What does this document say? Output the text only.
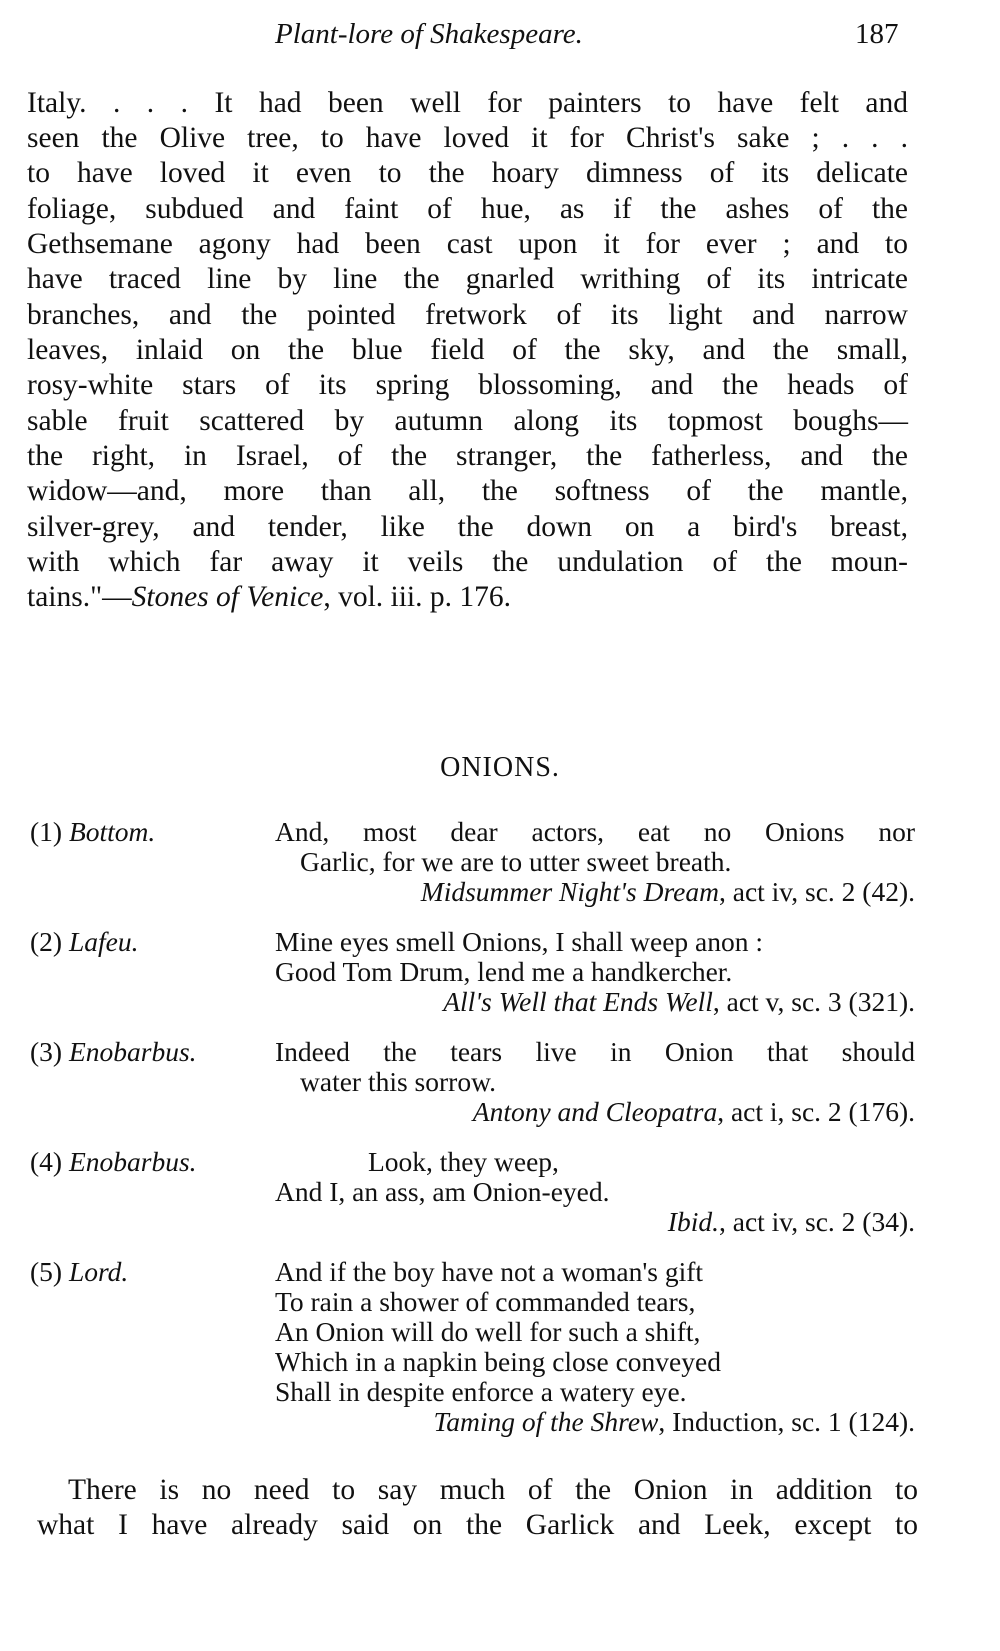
Plant-lore of Shakespeare.	187
Italy. . . . It had been well for painters to have felt and
seen the Olive tree, to have loved it for Christ's sake ; . . .
to have loved it even to the hoary dimness of its delicate
foliage, subdued and faint of hue, as if the ashes of the
Gethsemane agony had been cast upon it for ever ; and to
have traced line by line the gnarled writhing of its intricate
branches, and the pointed fretwork of its light and narrow
leaves, inlaid on the blue field of the sky, and the small,
rosy-white stars of its spring blossoming, and the heads of
sable fruit scattered by autumn along its topmost boughs—
the right, in Israel, of the stranger, the fatherless, and the
widow—and, more than all, the softness of the mantle,
silver-grey, and tender, like the down on a bird's breast,
with which far away it veils the undulation of the moun-
tains."—Stones of Venice, vol. iii. p. 176.
ONIONS.
(1) Bottom.	And, most dear actors, eat no Onions nor
Garlic, for we are to utter sweet breath.
Midsummer Night's Dream, act iv, sc. 2 (42).
(2) Lafeu.	Mine eyes smell Onions, I shall weep anon :
Good Tom Drum, lend me a handkercher.
All's Well that Ends Well, act v, sc. 3 (321).
(3) Enobarbus.	Indeed the tears live in Onion that should
water this sorrow.
Antony and Cleopatra, act i, sc. 2 (176).
(4) Enobarbus.	Look, they weep,
And I, an ass, am Onion-eyed.
Ibid., act iv, sc. 2 (34).
(5) Lord.	And if the boy have not a woman's gift
To rain a shower of commanded tears,
An Onion will do well for such a shift,
Which in a napkin being close conveyed
Shall in despite enforce a watery eye.
Taming of the Shrew, Induction, sc. 1 (124).
There is no need to say much of the Onion in addition to
what I have already said on the Garlick and Leek, except to
